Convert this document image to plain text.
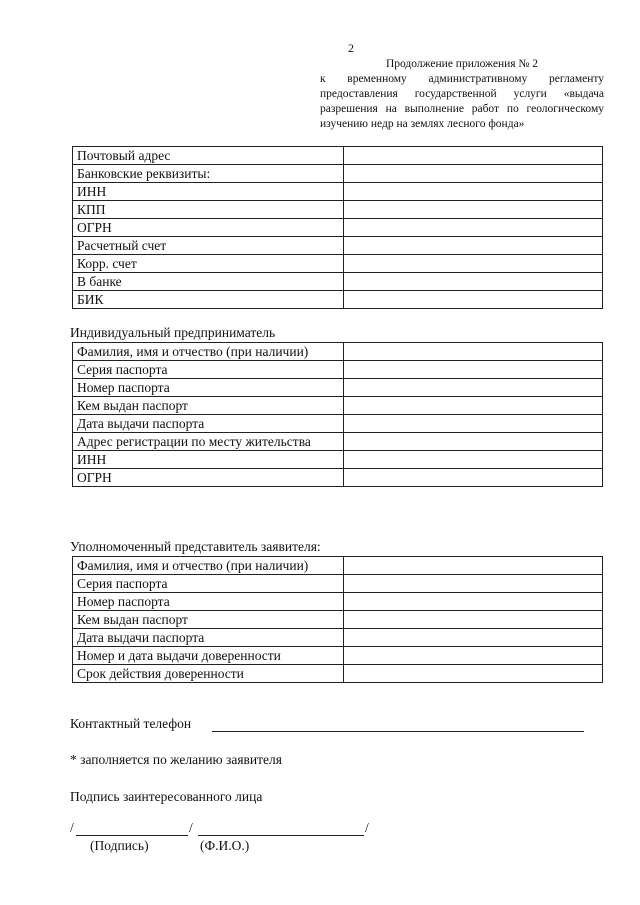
2
Продолжение приложения № 2
к временному административному регламенту предоставления государственной услуги «выдача разрешения на выполнение работ по геологическому изучению недр на землях лесного фонда»
Почтовый адрес	
Банковские реквизиты:	
ИНН	
КПП	
ОГРН	
Расчетный счет	
Корр. счет	
В банке	
БИК	
Индивидуальный предприниматель
Фамилия, имя и отчество (при наличии)	
Серия паспорта	
Номер паспорта	
Кем выдан паспорт	
Дата выдачи паспорта	
Адрес регистрации по месту жительства	
ИНН	
ОГРН	
Уполномоченный представитель заявителя:
Фамилия, имя и отчество (при наличии)	
Серия паспорта	
Номер паспорта	
Кем выдан паспорт	
Дата выдачи паспорта	
Номер и дата выдачи доверенности	
Срок действия доверенности	
Контактный телефон
* заполняется по желанию заявителя
Подпись заинтересованного лица
/	/	/
(Подпись)	(Ф.И.О.)
